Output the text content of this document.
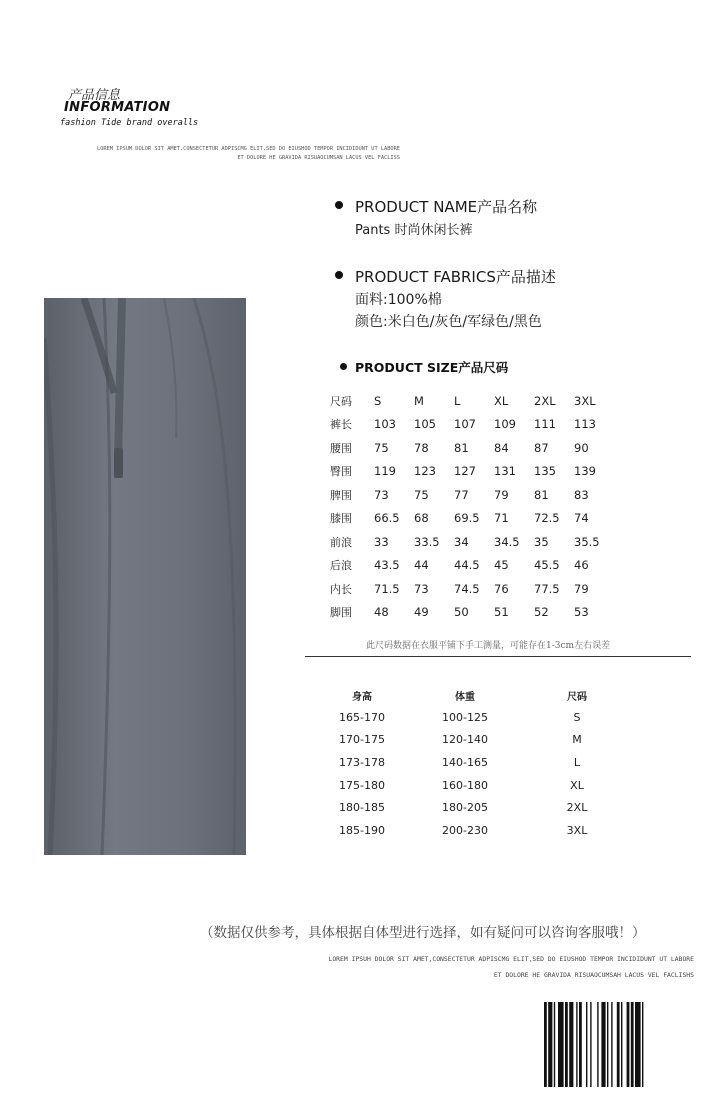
产品信息
INFORMATION
fashion Tide brand overalls
LOREM IPSUM DOLOR SIT AMET,CONSECTETUR ADPISCMG ELIT,SED DO EIUSHOD TEMPOR INCIDIDUNT UT LABORE
ET DOLORE HE GRAVIDA RISUAOCUMSAN LACUS VEL FACLISS
PRODUCT NAME产品名称
Pants 时尚休闲长裤
PRODUCT FABRICS产品描述
面料:100%棉
颜色:米白色/灰色/军绿色/黑色
PRODUCT SIZE产品尺码
尺码	S	M	L	XL	2XL	3XL
裤长	103	105	107	109	111	113
腰围	75	78	81	84	87	90
臀围	119	123	127	131	135	139
脾围	73	75	77	79	81	83
膝围	66.5	68	69.5	71	72.5	74
前浪	33	33.5	34	34.5	35	35.5
后浪	43.5	44	44.5	45	45.5	46
内长	71.5	73	74.5	76	77.5	79
脚围	48	49	50	51	52	53
此尺码数据在衣服平铺下手工测量，可能存在1-3cm左右误差
身高	体重	尺码
165-170	100-125	S
170-175	120-140	M
173-178	140-165	L
175-180	160-180	XL
180-185	180-205	2XL
185-190	200-230	3XL
（数据仅供参考，具体根据自体型进行选择，如有疑问可以咨询客服哦！）
LOREM IPSUH DOLOR SIT AMET,CONSECTETUR ADPISCMG ELIT,SED DO EIUSHOD TEMPOR INCIDIDUNT UT LABORE
ET DOLORE HE GRAVIDA RISUAOCUMSAH LACUS VEL FACLISHS
